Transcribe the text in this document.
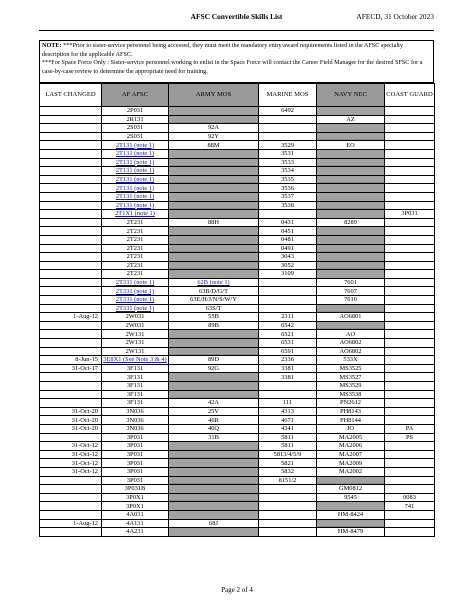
AFSC Convertible Skills List	AFECD, 31 October 2023
NOTE: ***Prior to sister-service personnel being accessed, they must meet the mandatory entry/award requirements listed in the AFSC specialty description for the applicable AFSC.
***For Space Force Only : Sister-service personnel working to enlist in the Space Force will contact the Career Field Manager for the desired SFSC for a case-by-case review to determine the appropriate need for training.
LAST CHANGED	AF AFSC	ARMY MOS	MARINE MOS	NAVY NEC	COAST GUARD
	2P031		6492		
	2R131			AZ	
	2S031	92A			
	2S031	92Y			
	2T131 (note 1)	88M	3529	EO	
	2T131 (note 1)		3531		
	2T131 (note 1)		3533		
	2T131 (note 1)		3534		
	2T131 (note 1)		3535		
	2T131 (note 1)		3536		
	2T131 (note 1)		3537		
	2T131 (note 1)		3538		
	2T1X1 (note 1)				3P031
	2T231	88H	0431	8289	
	2T231		0451		
	2T231		0481		
	2T231		0491		
	2T231		3043		
	2T231		3052		
	2T231		3109		
	2T331 (note 1)	62B (note 1)		7601	
	2T331 (note 1)	63B/D/G/T		7607	
	2T331 (note 1)	63E/H/J/N/S/W/Y		7610	
	2T331 (note 1)	63S/T			
1-Aug-12	2W031	55B	2311	AO6801	
	2W031	89B	6542		
	2W131		6521	AO	
	2W131		6531	AO6802	
	2W131		6591	AO6802	
8-Jun-15	3E8X1 (See Note 3 & 4)	89D	2336	533X	
31-Oct-17	3F131	92G	3381	MS3525	
	3F131		3381	MS3527	
	3F131			MS3529	
	3F131			MS3538	
	3F131	42A	111	PN2612	
31-Oct-20	3N036	25V	4313	PH8143	
31-Oct-20	3N036	46R	4671	PH8144	
31-Oct-20	3N036	46Q	4341	JO	PA
	3P031	31B	5811	MA2005	PS
31-Oct-12	3P031		5811	MA2006	
31-Oct-12	3P031		5813/4/5/9	MA2007	
31-Oct-12	3P031		5821	MA2009	
31-Oct-12	3P031		5832	MA2002	
	3P031		8151/2		
	3P031B			GM0812	
	3P0X1			9545	0083
	3P0X1				741
	4A031			HM-8424	
1-Aug-12	4A131	68J			
	4A231			HM-8479	
Page 2 of 4
